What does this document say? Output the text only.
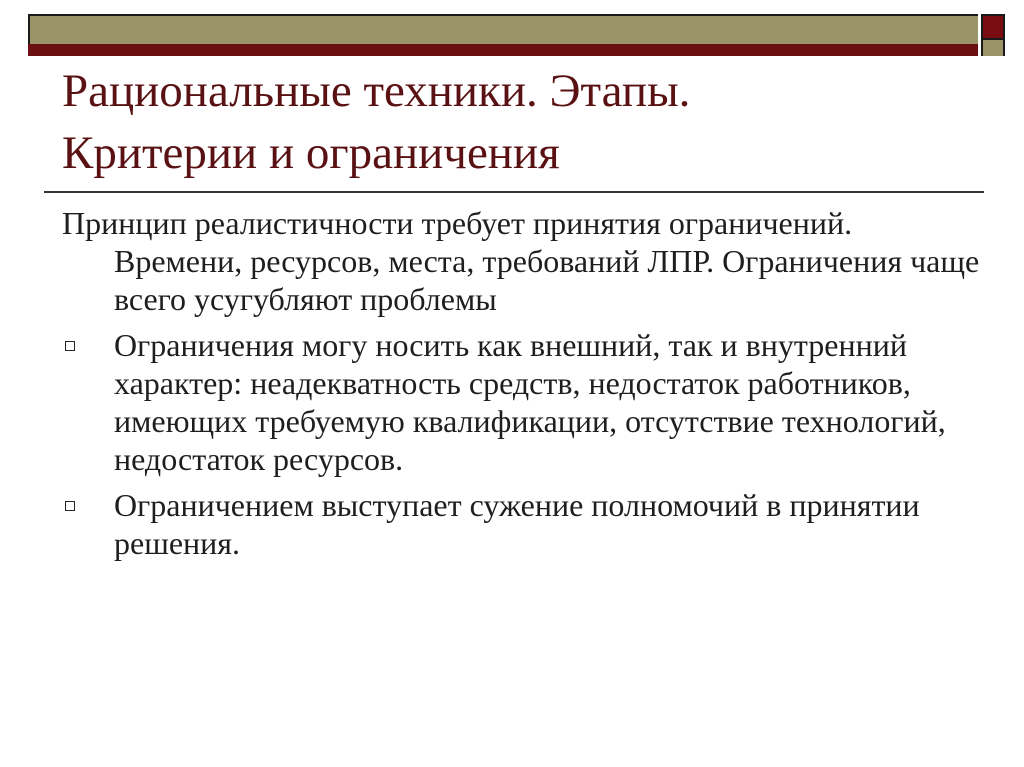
Рациональные техники. Этапы.
Критерии и ограничения

Принцип реалистичности требует принятия ограничений. Времени, ресурсов, места, требований ЛПР. Ограничения чаще всего усугубляют проблемы

Ограничения могу носить как внешний, так и внутренний характер: неадекватность средств, недостаток работников, имеющих требуемую квалификации, отсутствие технологий, недостаток ресурсов.
Ограничением выступает сужение полномочий в принятии решения.
